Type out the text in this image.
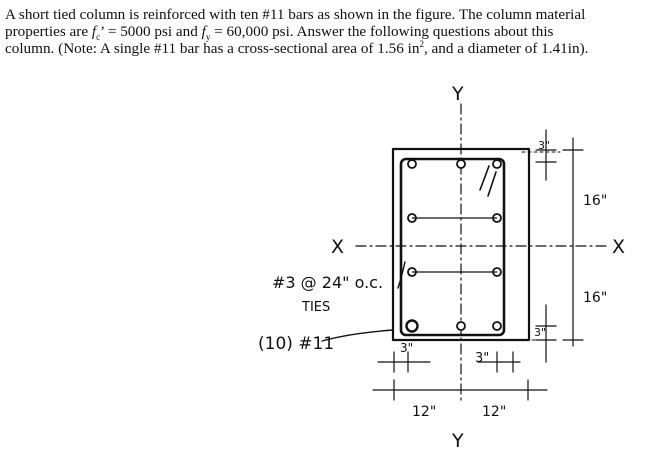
A short tied column is reinforced with ten #11 bars as shown in the figure. The column material
properties are $f_c$’ = 5000 psi and $f_y = 60,000$ psi. Answer the following questions about this
column. (Note: A single #11 bar has a cross-sectional area of 1.56 $in^2$, and a diameter of 1.41in).

Y
Y
X	X
#3 @ 24" o.c.
TIES
(10) #11
3"
3"
3"
3"
16"
16"
12"	12"
